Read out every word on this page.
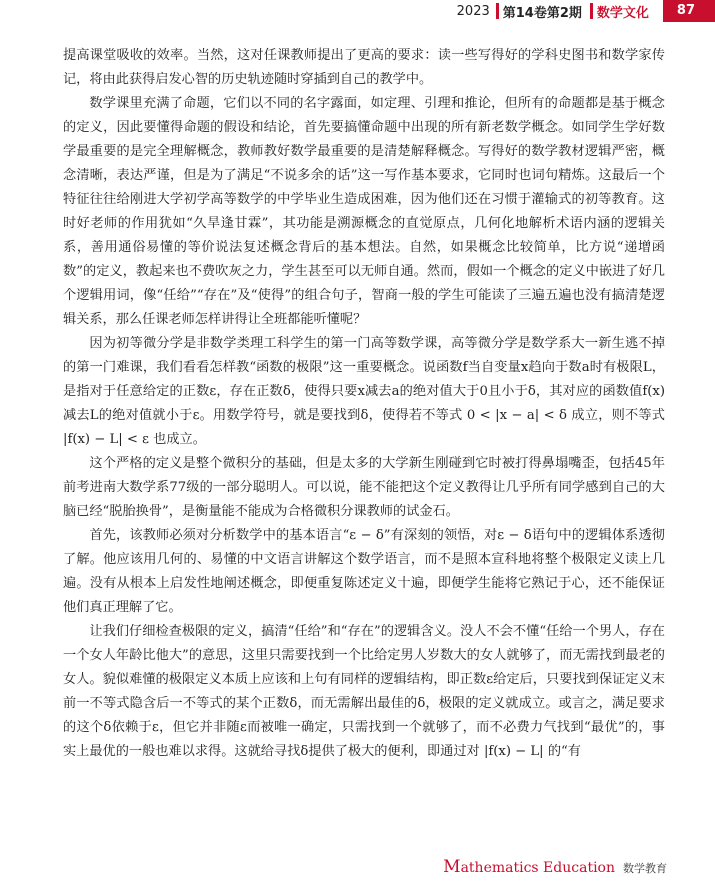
2023 第14卷第2期 数学文化	87

提高课堂吸收的效率。当然，这对任课教师提出了更高的要求：读一些写得好的学科史图书和数学家传记，将由此获得启发心智的历史轨迹随时穿插到自己的教学中。

数学课里充满了命题，它们以不同的名字露面，如定理、引理和推论，但所有的命题都是基于概念的定义，因此要懂得命题的假设和结论，首先要搞懂命题中出现的所有新老数学概念。如同学生学好数学最重要的是完全理解概念，教师教好数学最重要的是清楚解释概念。写得好的数学教材逻辑严密，概念清晰，表达严谨，但是为了满足“不说多余的话”这一写作基本要求，它同时也词句精炼。这最后一个特征往往给刚进大学初学高等数学的中学毕业生造成困难，因为他们还在习惯于灌输式的初等教育。这时好老师的作用犹如“久旱逢甘霖”，其功能是溯源概念的直觉原点，几何化地解析术语内涵的逻辑关系，善用通俗易懂的等价说法复述概念背后的基本想法。自然，如果概念比较简单，比方说“递增函数”的定义，教起来也不费吹灰之力，学生甚至可以无师自通。然而，假如一个概念的定义中嵌进了好几个逻辑用词，像“任给”“存在”及“使得”的组合句子，智商一般的学生可能读了三遍五遍也没有搞清楚逻辑关系，那么任课老师怎样讲得让全班都能听懂呢？

因为初等微分学是非数学类理工科学生的第一门高等数学课，高等微分学是数学系大一新生逃不掉的第一门难课，我们看看怎样教“函数的极限”这一重要概念。说函数f当自变量x趋向于数a时有极限L，是指对于任意给定的正数ε，存在正数δ，使得只要x减去a的绝对值大于0且小于δ，其对应的函数值f(x)减去L的绝对值就小于ε。用数学符号，就是要找到δ，使得若不等式 0 < |x − a| < δ 成立，则不等式 |f(x) − L| < ε 也成立。

这个严格的定义是整个微积分的基础，但是太多的大学新生刚碰到它时被打得鼻塌嘴歪，包括45年前考进南大数学系77级的一部分聪明人。可以说，能不能把这个定义教得让几乎所有同学感到自己的大脑已经“脱胎换骨”，是衡量能不能成为合格微积分课教师的试金石。

首先，该教师必须对分析数学中的基本语言“ε − δ”有深刻的领悟，对ε − δ语句中的逻辑体系透彻了解。他应该用几何的、易懂的中文语言讲解这个数学语言，而不是照本宣科地将整个极限定义读上几遍。没有从根本上启发性地阐述概念，即便重复陈述定义十遍，即便学生能将它熟记于心，还不能保证他们真正理解了它。

让我们仔细检查极限的定义，搞清“任给”和“存在”的逻辑含义。没人不会不懂“任给一个男人，存在一个女人年龄比他大”的意思，这里只需要找到一个比给定男人岁数大的女人就够了，而无需找到最老的女人。貌似难懂的极限定义本质上应该和上句有同样的逻辑结构，即正数ε给定后，只要找到保证定义末前一不等式隐含后一不等式的某个正数δ，而无需解出最佳的δ，极限的定义就成立。或言之，满足要求的这个δ依赖于ε，但它并非随ε而被唯一确定，只需找到一个就够了，而不必费力气找到“最优”的，事实上最优的一般也难以求得。这就给寻找δ提供了极大的便利，即通过对 |f(x) − L| 的“有

Mathematics Education 数学教育
